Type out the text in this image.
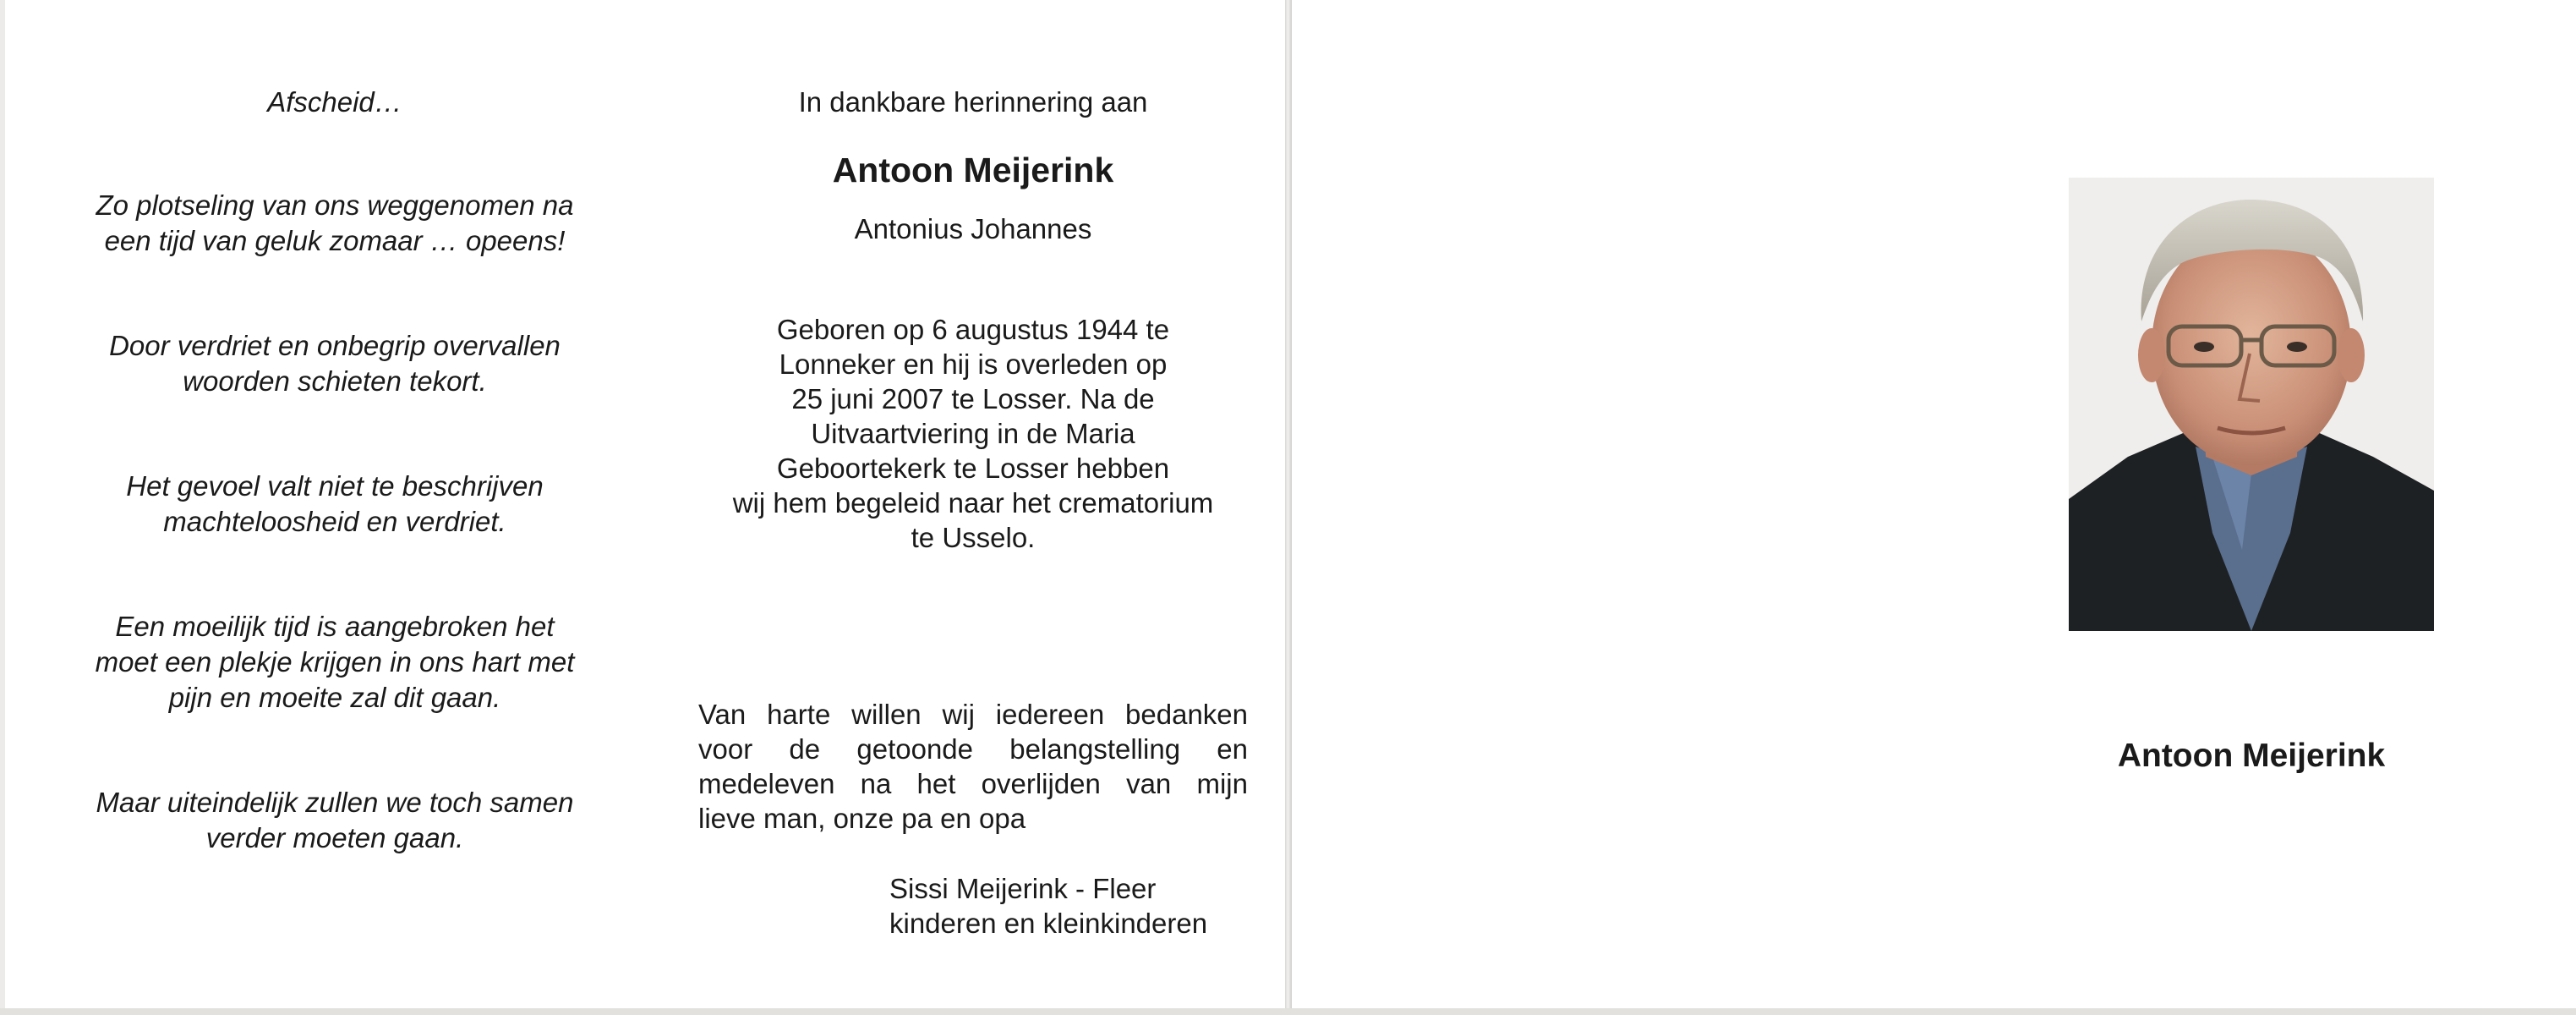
Afscheid…
Zo plotseling van ons weggenomen na
een tijd van geluk zomaar … opeens!
Door verdriet en onbegrip overvallen
woorden schieten tekort.
Het gevoel valt niet te beschrijven
machteloosheid en verdriet.
Een moeilijk tijd is aangebroken het
moet een plekje krijgen in ons hart met
pijn en moeite zal dit gaan.
Maar uiteindelijk zullen we toch samen
verder moeten gaan.
In dankbare herinnering aan
Antoon Meijerink
Antonius Johannes
Geboren op 6 augustus 1944 te
Lonneker en hij is overleden op
25 juni 2007 te Losser. Na de
Uitvaartviering in de Maria
Geboortekerk te Losser hebben
wij hem begeleid naar het crematorium
te Usselo.
Van harte willen wij iedereen bedanken
voor de getoonde belangstelling en
medeleven na het overlijden van mijn
lieve man, onze pa en opa
Sissi Meijerink - Fleer
kinderen en kleinkinderen
Antoon Meijerink
